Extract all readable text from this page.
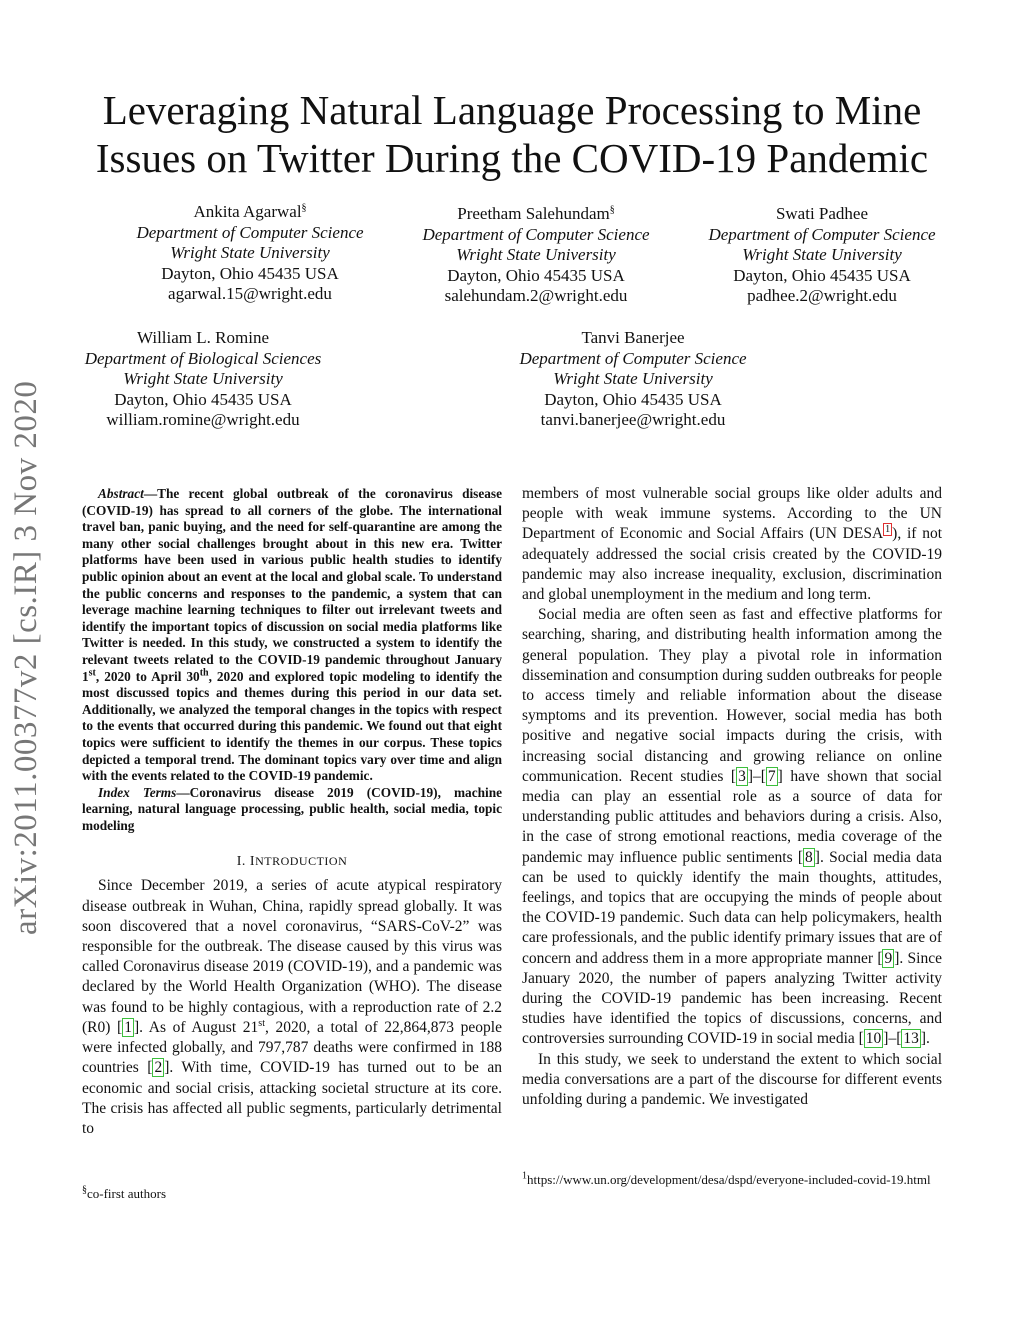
arXiv:2011.00377v2 [cs.IR] 3 Nov 2020
Leveraging Natural Language Processing to Mine
Issues on Twitter During the COVID-19 Pandemic
Ankita Agarwal§
Department of Computer Science
Wright State University
Dayton, Ohio 45435 USA
agarwal.15@wright.edu
Preetham Salehundam§
Department of Computer Science
Wright State University
Dayton, Ohio 45435 USA
salehundam.2@wright.edu
Swati Padhee
Department of Computer Science
Wright State University
Dayton, Ohio 45435 USA
padhee.2@wright.edu
William L. Romine
Department of Biological Sciences
Wright State University
Dayton, Ohio 45435 USA
william.romine@wright.edu
Tanvi Banerjee
Department of Computer Science
Wright State University
Dayton, Ohio 45435 USA
tanvi.banerjee@wright.edu

Abstract—The recent global outbreak of the coronavirus disease (COVID-19) has spread to all corners of the globe. The international travel ban, panic buying, and the need for self-quarantine are among the many other social challenges brought about in this new era. Twitter platforms have been used in various public health studies to identify public opinion about an event at the local and global scale. To understand the public concerns and responses to the pandemic, a system that can leverage machine learning techniques to filter out irrelevant tweets and identify the important topics of discussion on social media platforms like Twitter is needed. In this study, we constructed a system to identify the relevant tweets related to the COVID-19 pandemic throughout January 1st, 2020 to April 30th, 2020 and explored topic modeling to identify the most discussed topics and themes during this period in our data set. Additionally, we analyzed the temporal changes in the topics with respect to the events that occurred during this pandemic. We found out that eight topics were sufficient to identify the themes in our corpus. These topics depicted a temporal trend. The dominant topics vary over time and align with the events related to the COVID-19 pandemic.

Index Terms—Coronavirus disease 2019 (COVID-19), machine learning, natural language processing, public health, social media, topic modeling

I. INTRODUCTION

Since December 2019, a series of acute atypical respiratory disease outbreak in Wuhan, China, rapidly spread globally. It was soon discovered that a novel coronavirus, “SARS-CoV-2” was responsible for the outbreak. The disease caused by this virus was called Coronavirus disease 2019 (COVID-19), and a pandemic was declared by the World Health Organization (WHO). The disease was found to be highly contagious, with a reproduction rate of 2.2 (R0) [ 1 ]. As of August 21st, 2020, a total of 22,864,873 people were infected globally, and 797,787 deaths were confirmed in 188 countries [ 2 ]. With time, COVID-19 has turned out to be an economic and social crisis, attacking societal structure at its core. The crisis has affected all public segments, particularly detrimental to

§co-first authors

members of most vulnerable social groups like older adults and people with weak immune systems. According to the UN Department of Economic and Social Affairs (UN DESA $^1$ ), if not adequately addressed the social crisis created by the COVID-19 pandemic may also increase inequality, exclusion, discrimination and global unemployment in the medium and long term.

Social media are often seen as fast and effective platforms for searching, sharing, and distributing health information among the general population. They play a pivotal role in information dissemination and consumption during sudden outbreaks for people to access timely and reliable information about the disease symptoms and its prevention. However, social media has both positive and negative social impacts during the crisis, with increasing social distancing and growing reliance on online communication. Recent studies [ 3 ]–[ 7 ] have shown that social media can play an essential role as a source of data for understanding public attitudes and behaviors during a crisis. Also, in the case of strong emotional reactions, media coverage of the pandemic may influence public sentiments [ 8 ]. Social media data can be used to quickly identify the main thoughts, attitudes, feelings, and topics that are occupying the minds of people about the COVID-19 pandemic. Such data can help policymakers, health care professionals, and the public identify primary issues that are of concern and address them in a more appropriate manner [ 9 ]. Since January 2020, the number of papers analyzing Twitter activity during the COVID-19 pandemic has been increasing. Recent studies have identified the topics of discussions, concerns, and controversies surrounding COVID-19 in social media [ 10 ]–[ 13 ].

In this study, we seek to understand the extent to which social media conversations are a part of the discourse for different events unfolding during a pandemic. We investigated

$^1$https://www.un.org/development/desa/dspd/everyone-included-covid-19.html
